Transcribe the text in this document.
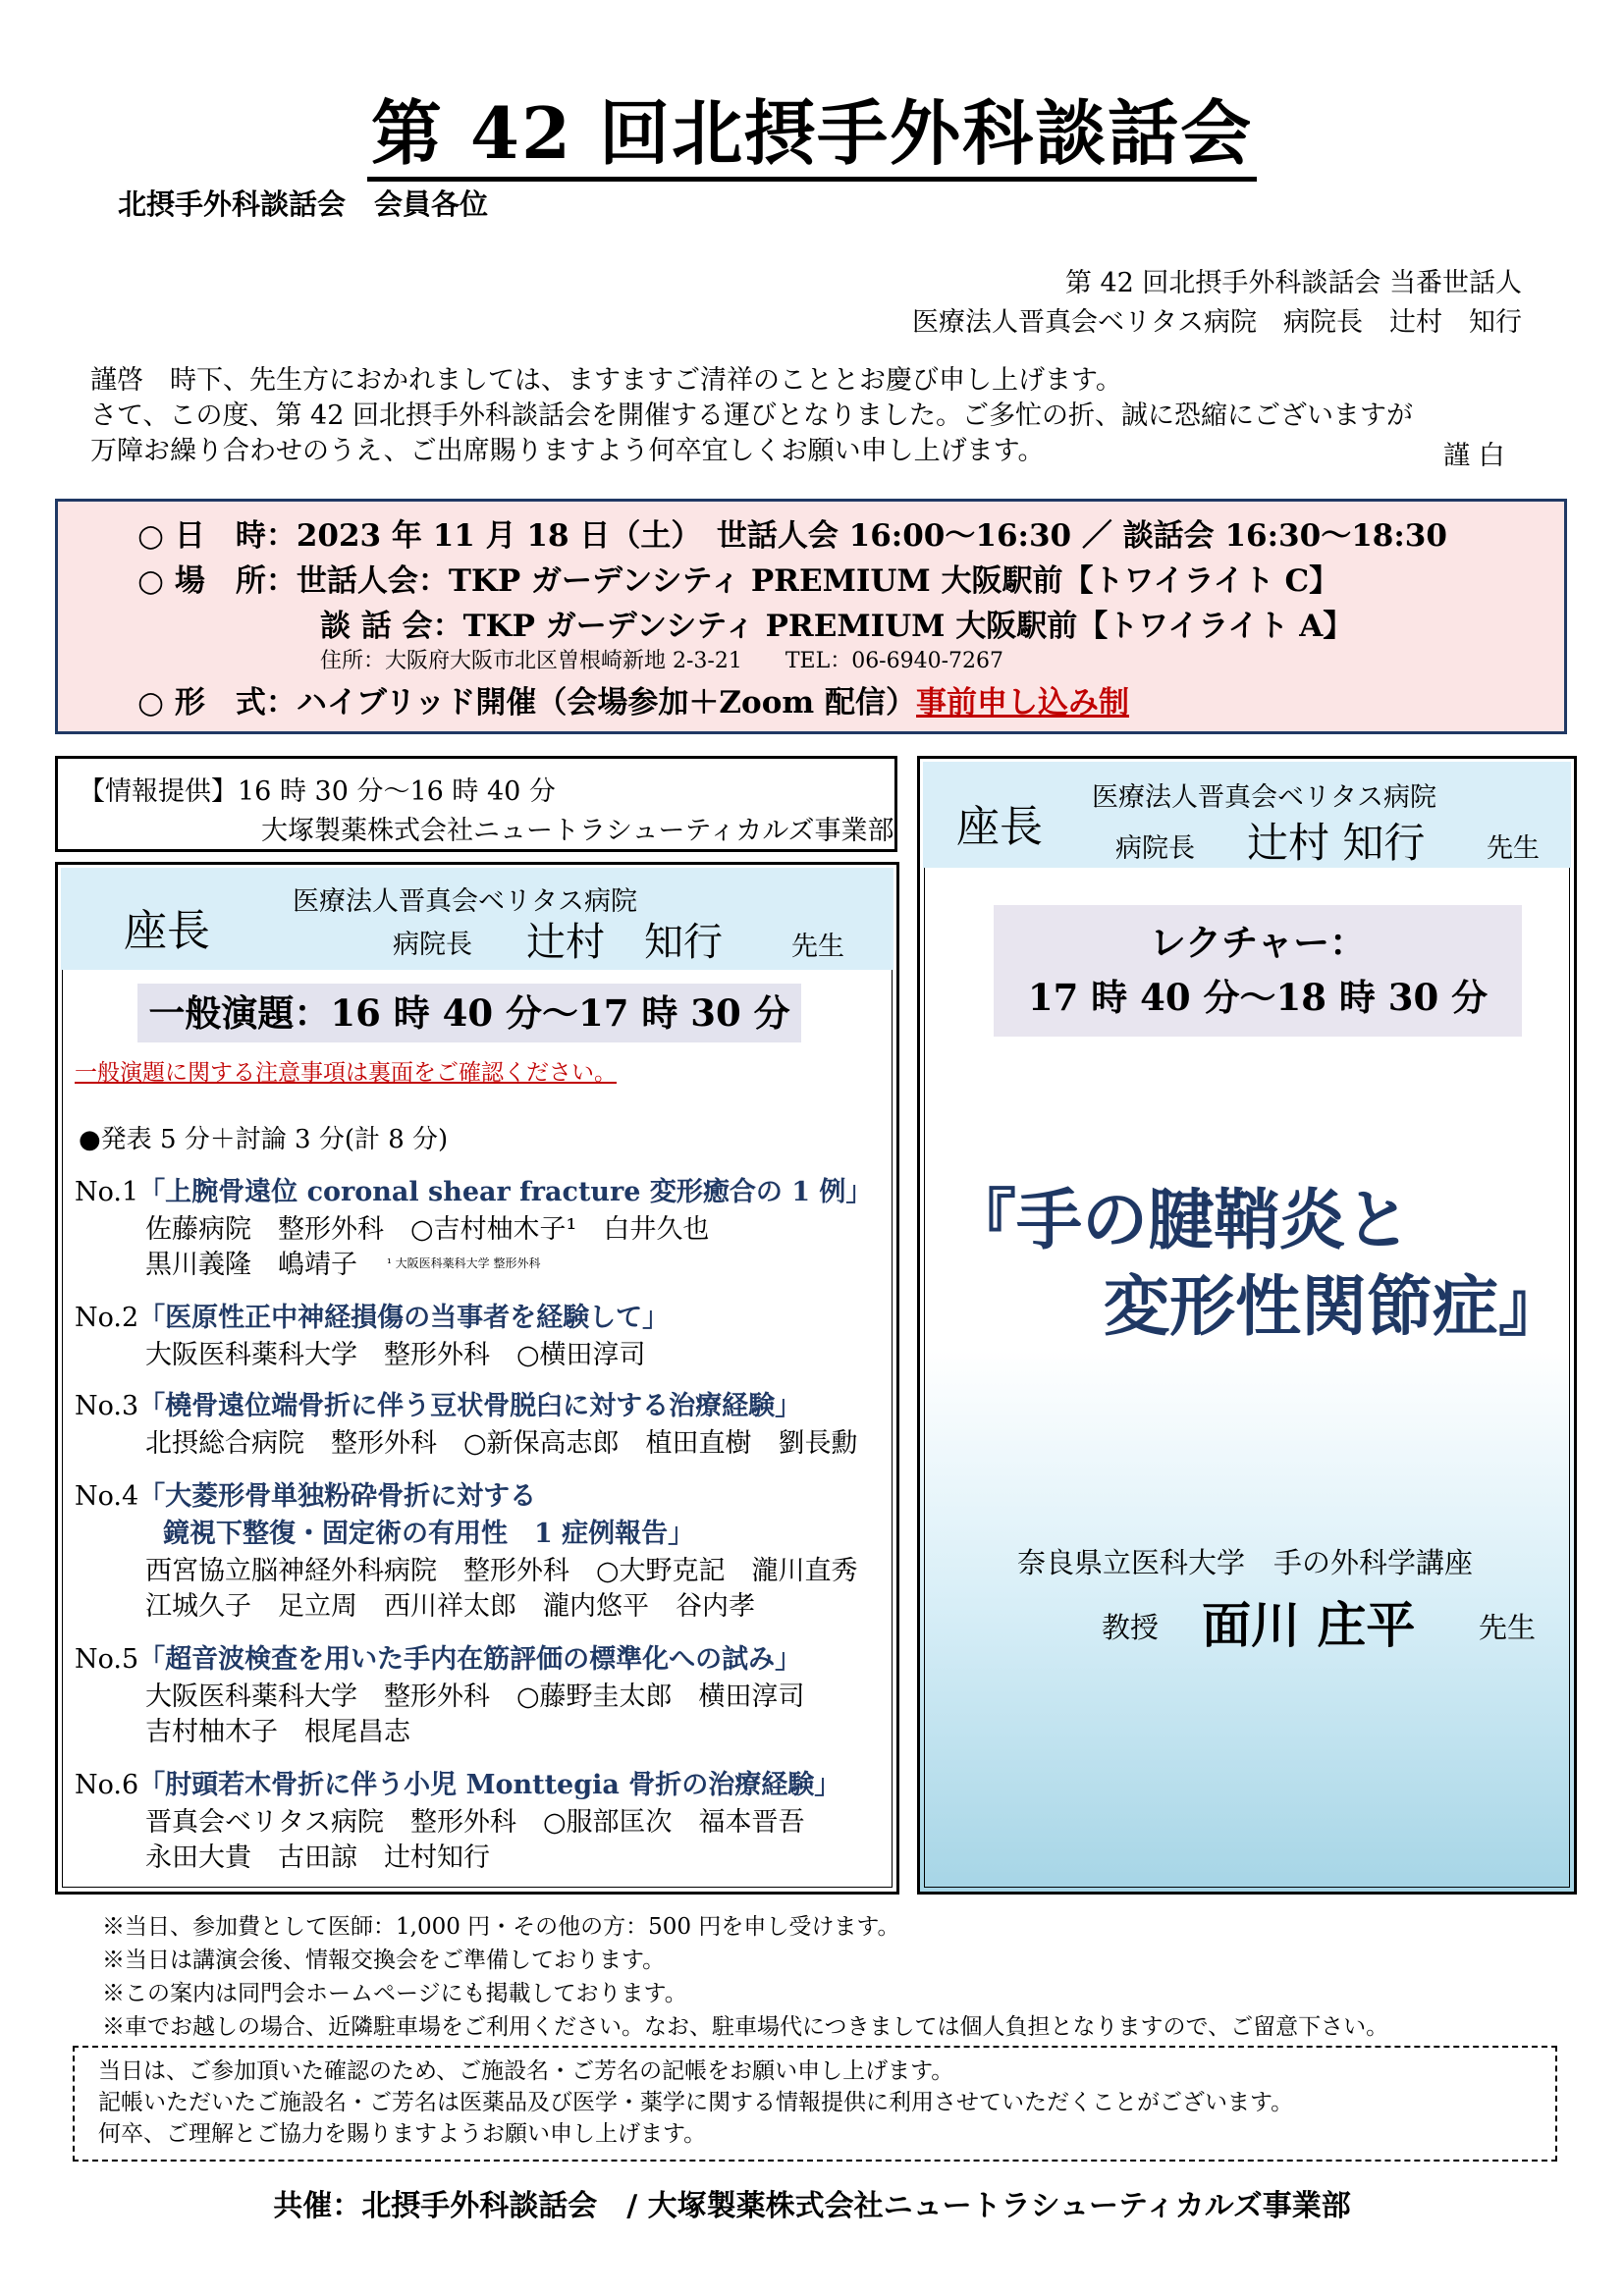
第 42 回北摂手外科談話会
北摂手外科談話会　会員各位
第 42 回北摂手外科談話会 当番世話人
医療法人晋真会ベリタス病院　病院長　辻村　知行
謹啓　時下、先生方におかれましては、ますますご清祥のこととお慶び申し上げます。
さて、この度、第 42 回北摂手外科談話会を開催する運びとなりました。ご多忙の折、誠に恐縮にございますが
万障お繰り合わせのうえ、ご出席賜りますよう何卒宜しくお願い申し上げます。	謹 白
○ 日　時：2023 年 11 月 18 日（土）　世話人会 16:00～16:30 ／ 談話会 16:30～18:30
○ 場　所：世話人会：TKP ガーデンシティ PREMIUM 大阪駅前【トワイライト C】
談 話 会：TKP ガーデンシティ PREMIUM 大阪駅前【トワイライト A】
住所：大阪府大阪市北区曽根崎新地 2-3-21　　TEL：06-6940-7267
○ 形　式：ハイブリッド開催（会場参加＋Zoom 配信）事前申し込み制
【情報提供】16 時 30 分～16 時 40 分
大塚製薬株式会社ニュートラシューティカルズ事業部
座長
医療法人晋真会ベリタス病院
病院長 辻村　知行	先生
一般演題：16 時 40 分～17 時 30 分
一般演題に関する注意事項は裏面をご確認ください。
●発表 5 分＋討論 3 分(計 8 分)
No.1「上腕骨遠位 coronal shear fracture 変形癒合の 1 例」
佐藤病院　整形外科　○吉村柚木子¹　白井久也
黒川義隆　嶋靖子	¹ 大阪医科薬科大学 整形外科
No.2「医原性正中神経損傷の当事者を経験して」
大阪医科薬科大学　整形外科　○横田淳司
No.3「橈骨遠位端骨折に伴う豆状骨脱臼に対する治療経験」
北摂総合病院　整形外科　○新保高志郎　植田直樹　劉長勳
No.4「大菱形骨単独粉砕骨折に対する
鏡視下整復・固定術の有用性　1 症例報告」
西宮協立脳神経外科病院　整形外科　○大野克記　瀧川直秀
江城久子　足立周　西川祥太郎　瀧内悠平　谷内孝
No.5「超音波検査を用いた手内在筋評価の標準化への試み」
大阪医科薬科大学　整形外科　○藤野圭太郎　横田淳司
吉村柚木子　根尾昌志
No.6「肘頭若木骨折に伴う小児 Monttegia 骨折の治療経験」
晋真会ベリタス病院　整形外科　○服部匡次　福本晋吾
永田大貴　古田諒　辻村知行
座長
医療法人晋真会ベリタス病院
病院長 辻村 知行 先生
レクチャー：
17 時 40 分～18 時 30 分
『手の腱鞘炎と
変形性関節症』
奈良県立医科大学　手の外科学講座
教授 面川 庄平 先生
※当日、参加費として医師：1,000 円・その他の方：500 円を申し受けます。
※当日は講演会後、情報交換会をご準備しております。
※この案内は同門会ホームページにも掲載しております。
※車でお越しの場合、近隣駐車場をご利用ください。なお、駐車場代につきましては個人負担となりますので、ご留意下さい。
当日は、ご参加頂いた確認のため、ご施設名・ご芳名の記帳をお願い申し上げます。
記帳いただいたご施設名・ご芳名は医薬品及び医学・薬学に関する情報提供に利用させていただくことがございます。
何卒、ご理解とご協力を賜りますようお願い申し上げます。
共催：北摂手外科談話会　/ 大塚製薬株式会社ニュートラシューティカルズ事業部
